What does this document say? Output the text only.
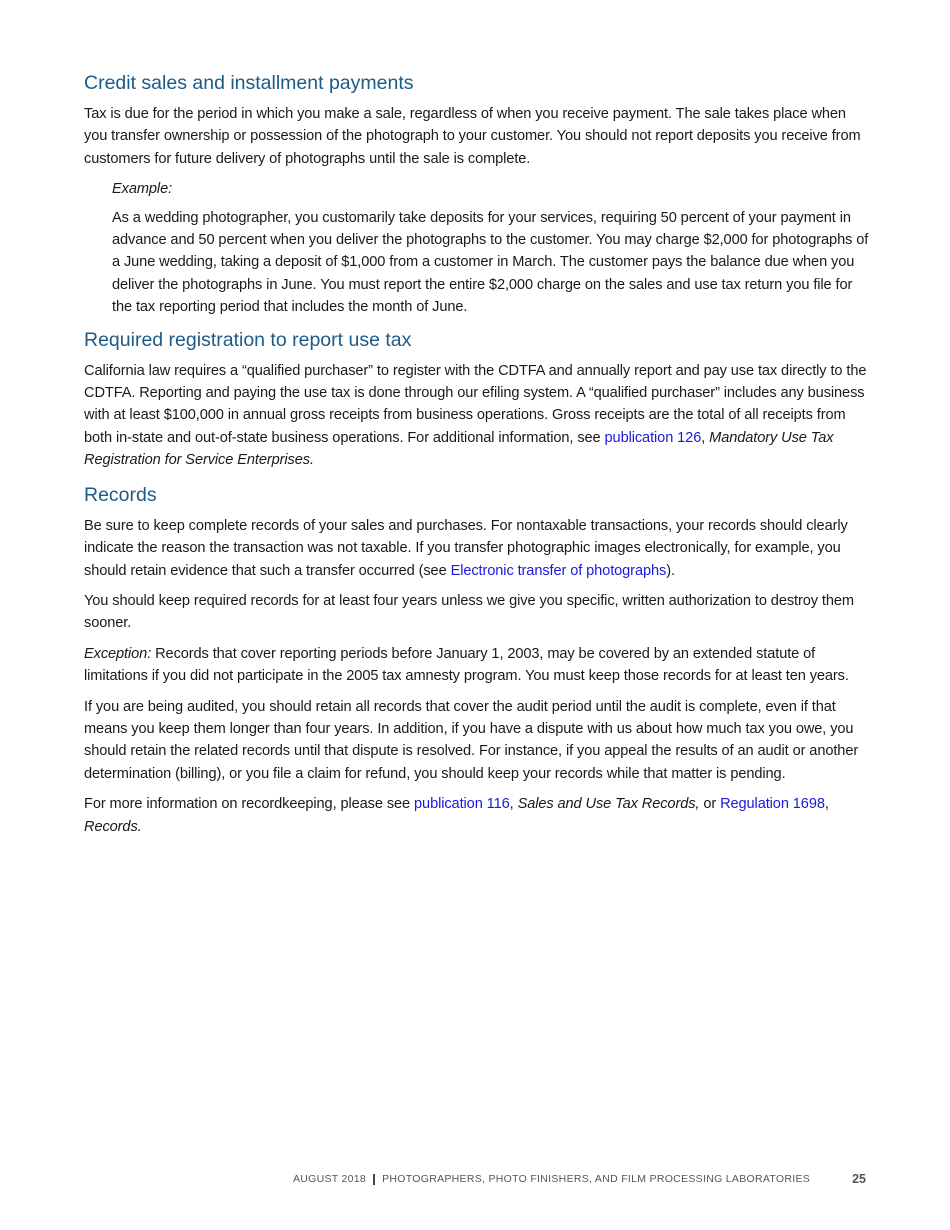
Credit sales and installment payments

Tax is due for the period in which you make a sale, regardless of when you receive payment. The sale takes place when you transfer ownership or possession of the photograph to your customer. You should not report deposits you receive from customers for future delivery of photographs until the sale is complete.

Example:

As a wedding photographer, you customarily take deposits for your services, requiring 50 percent of your payment in advance and 50 percent when you deliver the photographs to the customer. You may charge $2,000 for photographs of a June wedding, taking a deposit of $1,000 from a customer in March. The customer pays the balance due when you deliver the photographs in June. You must report the entire $2,000 charge on the sales and use tax return you file for the tax reporting period that includes the month of June.

Required registration to report use tax

California law requires a “qualified purchaser” to register with the CDTFA and annually report and pay use tax directly to the CDTFA. Reporting and paying the use tax is done through our efiling system. A “qualified purchaser” includes any business with at least $100,000 in annual gross receipts from business operations. Gross receipts are the total of all receipts from both in-state and out-of-state business operations. For additional information, see publication 126, Mandatory Use Tax Registration for Service Enterprises.

Records

Be sure to keep complete records of your sales and purchases. For nontaxable transactions, your records should clearly indicate the reason the transaction was not taxable. If you transfer photographic images electronically, for example, you should retain evidence that such a transfer occurred (see Electronic transfer of photographs).

You should keep required records for at least four years unless we give you specific, written authorization to destroy them sooner.

Exception: Records that cover reporting periods before January 1, 2003, may be covered by an extended statute of limitations if you did not participate in the 2005 tax amnesty program. You must keep those records for at least ten years.

If you are being audited, you should retain all records that cover the audit period until the audit is complete, even if that means you keep them longer than four years. In addition, if you have a dispute with us about how much tax you owe, you should retain the related records until that dispute is resolved. For instance, if you appeal the results of an audit or another determination (billing), or you file a claim for refund, you should keep your records while that matter is pending.

For more information on recordkeeping, please see publication 116, Sales and Use Tax Records, or Regulation 1698, Records.

AUGUST 2018 PHOTOGRAPHERS, PHOTO FINISHERS, AND FILM PROCESSING LABORATORIES	25
